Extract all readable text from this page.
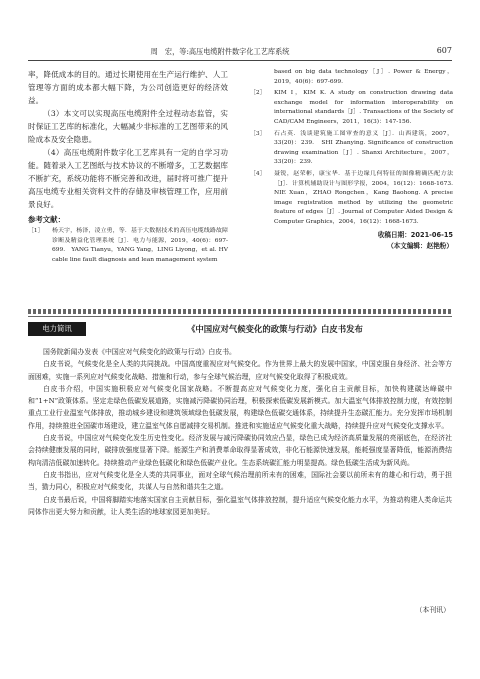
周　宏，等:高压电缆附件数字化工艺库系统	607

率，降低成本的目的。通过长期使用在生产运行维护、人工管理等方面的成本都大幅下降，为公司创造更好的经济效益。

（3）本文可以实现高压电缆附件全过程动态监管，实时保证工艺库的标准化，大幅减少非标准的工艺图带来的风险成本及安全隐患。

（4）高压电缆附件数字化工艺库具有一定的自学习功能。随着录入工艺图纸与技术协议的不断增多，工艺数据库不断扩充，系统功能将不断完善和改进，届时将可推广提升高压电缆专业相关资料文件的存储及审核管理工作，应用前景良好。

参考文献：
［1］ 杨天宇，杨泽，凌立勇，等．基于大数据技术的高压电缆线路故障诊断及精益化管理系统［J］．电力与能源，2019，40(6)：697-699.　YANG Tianyu，YANG Yang，LING Liyong，et al. HV cable line fault diagnosis and lean management system
based on big data technology［J］. Power & Energy，2019，40(6)：697-699.
［2］ KIM I，KIM K. A study on construction drawing data exchange model for information interoperability on international standards［J］. Transactions of the Society of CAD/CAM Engineers，2011，16(3)：147-156.
［3］ 石占英．浅谈建筑施工图审查的意义［J］．山西建筑，2007，33(20)：239.　SHI Zhanying. Significance of construction drawing examination［J］. Shanxi Architecture，2007，33(20)：239.
［4］ 聂锐，赵荣彬，康宝华．基于边缘几何特征的图像精确匹配方法［J］．计算机辅助设计与图形学报，2004，16(12)：1668-1673.　NIE Xuan，ZHAO Rongchen，Kang Baohong. A precise image registration method by utilizing the geometric feature of edges［J］. Journal of Computer Aided Design & Computer Graphics，2004，16(12)：1668-1673.
收稿日期：2021-06-15
（本文编辑：赵艳粉）
电力简讯	《中国应对气候变化的政策与行动》白皮书发布

国务院新闻办发表《中国应对气候变化的政策与行动》白皮书。

白皮书说，气候变化是全人类的共同挑战。中国高度重视应对气候变化。作为世界上最大的发展中国家，中国克服自身经济、社会等方面困难，实施一系列应对气候变化战略、措施和行动，参与全球气候治理，应对气候变化取得了积极成效。

白皮书介绍，中国实施积极应对气候变化国家战略。不断提高应对气候变化力度，强化自主贡献目标，加快构建碳达峰碳中和“1+N”政策体系。坚定走绿色低碳发展道路，实施减污降碳协同治理，积极探索低碳发展新模式。加大温室气体排放控制力度，有效控制重点工业行业温室气体排放，推动城乡建设和建筑领域绿色低碳发展，构建绿色低碳交通体系，持续提升生态碳汇能力。充分发挥市场机制作用，持续推进全国碳市场建设，建立温室气体自愿减排交易机制。推进和实施适应气候变化重大战略，持续提升应对气候变化支撑水平。

白皮书说，中国应对气候变化发生历史性变化。经济发展与减污降碳协同效应凸显，绿色已成为经济高质量发展的亮丽底色，在经济社会持续健康发展的同时，碳排放强度显著下降。能源生产和消费革命取得显著成效，非化石能源快速发展，能耗强度显著降低，能源消费结构向清洁低碳加速转化。持续推动产业绿色低碳化和绿色低碳产业化。生态系统碳汇能力明显提高。绿色低碳生活成为新风尚。

白皮书指出，应对气候变化是全人类的共同事业，面对全球气候治理前所未有的困难，国际社会要以前所未有的雄心和行动，勇于担当，勠力同心，积极应对气候变化，共谋人与自然和谐共生之道。

白皮书最后说，中国将脚踏实地落实国家自主贡献目标，强化温室气体排放控制，提升适应气候变化能力水平，为推动构建人类命运共同体作出更大努力和贡献，让人类生活的地球家园更加美好。

（本刊讯）
